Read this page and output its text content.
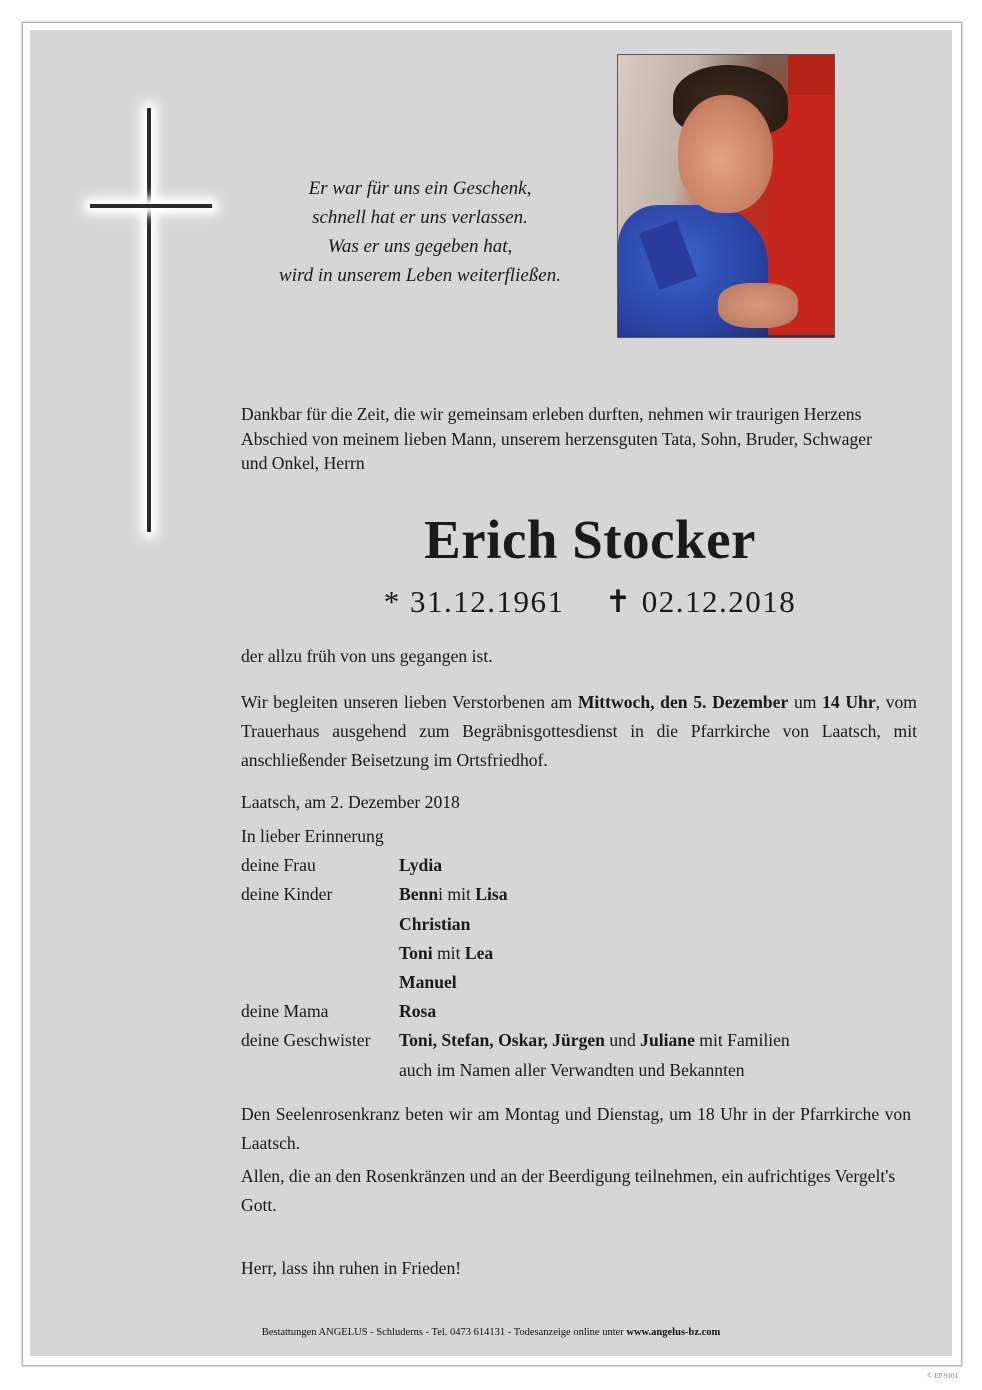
Er war für uns ein Geschenk,
schnell hat er uns verlassen.
Was er uns gegeben hat,
wird in unserem Leben weiterfließen.
Dankbar für die Zeit, die wir gemeinsam erleben durften, nehmen wir traurigen Herzens Abschied von meinem lieben Mann, unserem herzensguten Tata, Sohn, Bruder, Schwager und Onkel, Herrn
Erich Stocker
* 31.12.1961 ✝ 02.12.2018
der allzu früh von uns gegangen ist.
Wir begleiten unseren lieben Verstorbenen am Mittwoch, den 5. Dezember um 14 Uhr, vom Trauerhaus ausgehend zum Begräbnisgottesdienst in die Pfarrkirche von Laatsch, mit anschließender Beisetzung im Ortsfriedhof.
Laatsch, am 2. Dezember 2018
In lieber Erinnerung
deine Frau	Lydia
deine Kinder	Benni mit Lisa
Christian
Toni mit Lea
Manuel
deine Mama	Rosa
deine Geschwister	Toni, Stefan, Oskar, Jürgen und Juliane mit Familien
auch im Namen aller Verwandten und Bekannten
Den Seelenrosenkranz beten wir am Montag und Dienstag, um 18 Uhr in der Pfarrkirche von Laatsch.
Allen, die an den Rosenkränzen und an der Beerdigung teilnehmen, ein aufrichtiges Vergelt's Gott.
Herr, lass ihn ruhen in Frieden!
Bestattungen ANGELUS - Schluderns - Tel. 0473 614131 - Todesanzeige online unter www.angelus-bz.com
© EP 9101
